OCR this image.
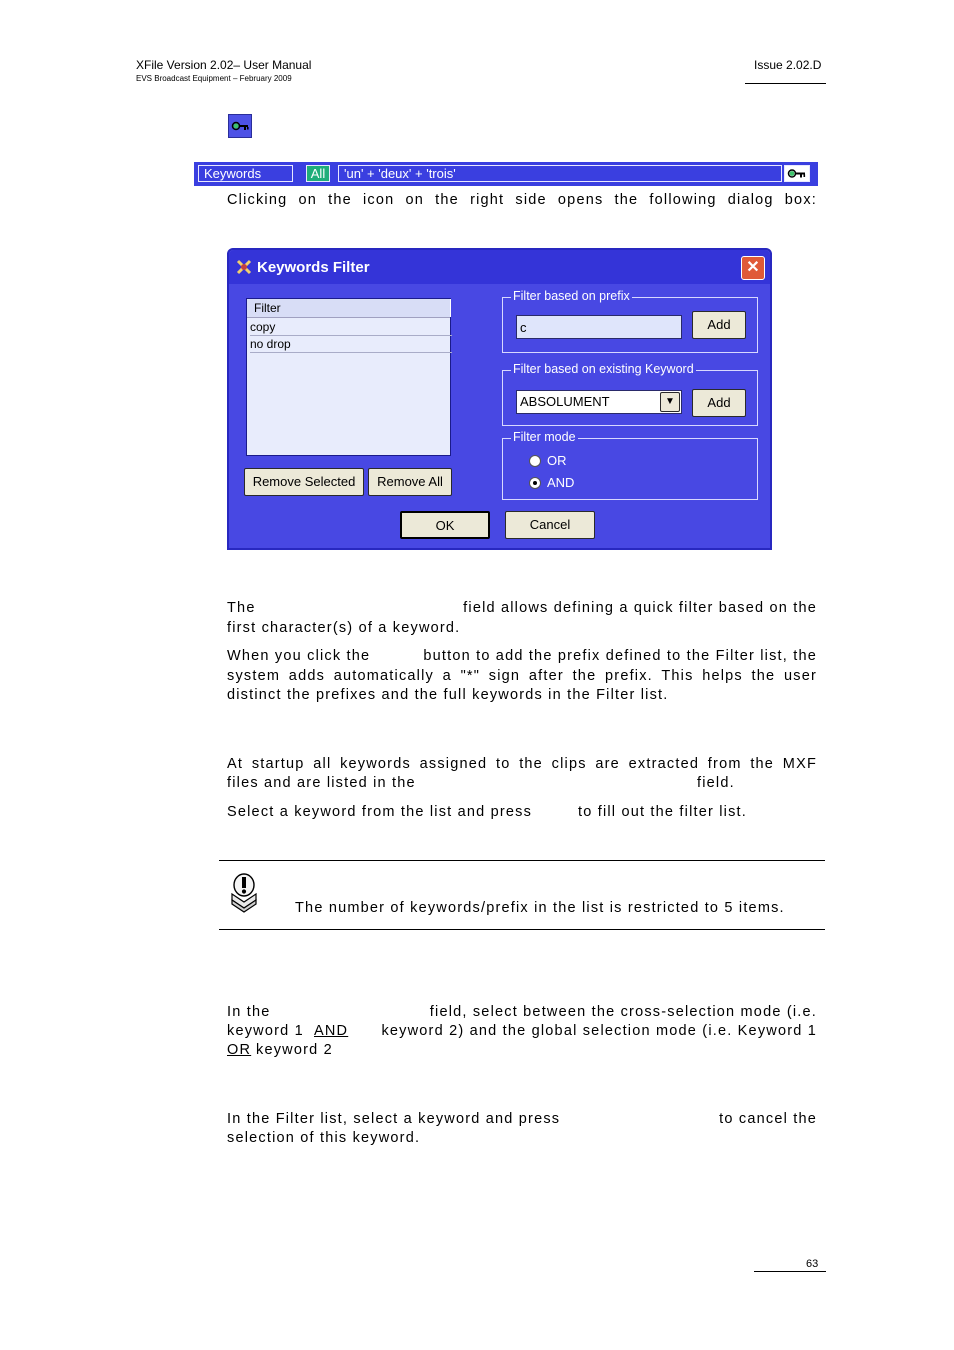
XFile Version 2.02– User Manual
EVS Broadcast Equipment – February 2009
Issue 2.02.D
Keywords	All	'un' + 'deux' + 'trois'
Clicking on the icon on the right side opens the following dialog box:
Keywords Filter	✕
Filter
copy
no drop
Remove Selected	Remove All
Filter based on prefix
c	Add
Filter based on existing Keyword
ABSOLUMENT	▼	Add
Filter mode
OR
AND
OK	Cancel
The	field allows defining a quick filter based on the
first character(s) of a keyword.
When you click the	button to add the prefix defined to the Filter list, the
system adds automatically a "*" sign after the prefix. This helps the user
distinct the prefixes and the full keywords in the Filter list.
At startup all keywords assigned to the clips are extracted from the MXF
files and are listed in the	field.
Select a keyword from the list and press	to fill out the filter list.
The number of keywords/prefix in the list is restricted to 5 items.
In the	field, select between the cross-selection mode (i.e.
keyword 1 AND keyword 2) and the global selection mode (i.e. Keyword 1
OR keyword 2
In the Filter list, select a keyword and press	to cancel the
selection of this keyword.
63
